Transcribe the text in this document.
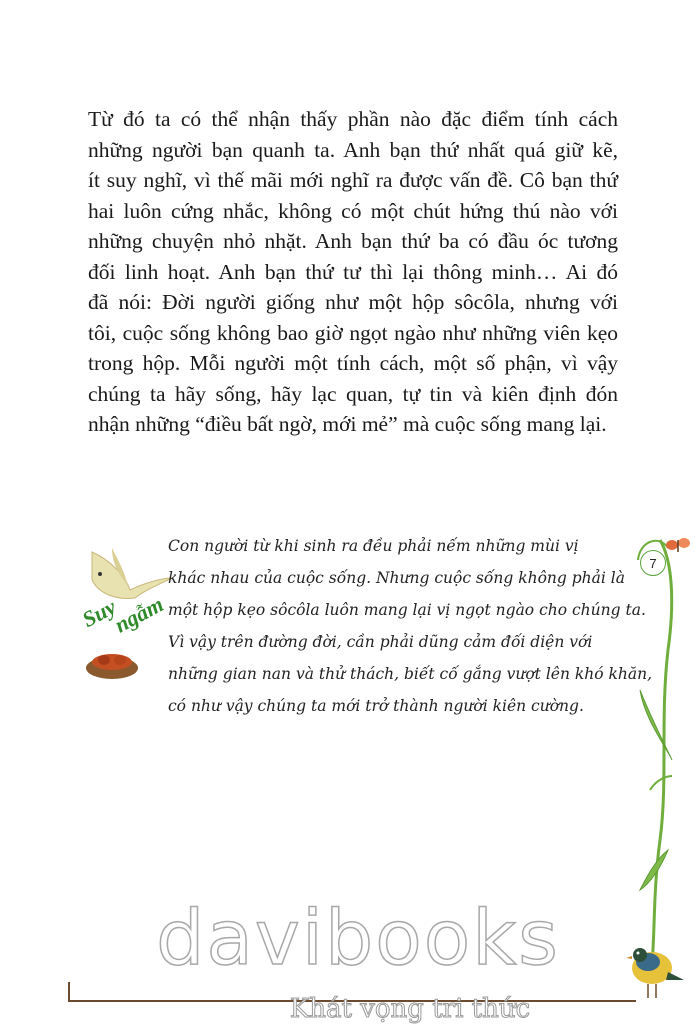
Từ đó ta có thể nhận thấy phần nào đặc điểm tính cách
những người bạn quanh ta. Anh bạn thứ nhất quá giữ kẽ,
ít suy nghĩ, vì thế mãi mới nghĩ ra được vấn đề. Cô bạn thứ
hai luôn cứng nhắc, không có một chút hứng thú nào với
những chuyện nhỏ nhặt. Anh bạn thứ ba có đầu óc tương
đối linh hoạt. Anh bạn thứ tư thì lại thông minh… Ai đó
đã nói: Đời người giống như một hộp sôcôla, nhưng với
tôi, cuộc sống không bao giờ ngọt ngào như những viên kẹo
trong hộp. Mỗi người một tính cách, một số phận, vì vậy
chúng ta hãy sống, hãy lạc quan, tự tin và kiên định đón
nhận những “điều bất ngờ, mới mẻ” mà cuộc sống mang lại.
Suy
ngẫm
Con người từ khi sinh ra đều phải nếm những mùi vị
khác nhau của cuộc sống. Nhưng cuộc sống không phải là
một hộp kẹo sôcôla luôn mang lại vị ngọt ngào cho chúng ta.
Vì vậy trên đường đời, cần phải dũng cảm đối diện với
những gian nan và thử thách, biết cố gắng vượt lên khó khăn,
có như vậy chúng ta mới trở thành người kiên cường.
7
davibooks
Khát vọng tri thức
